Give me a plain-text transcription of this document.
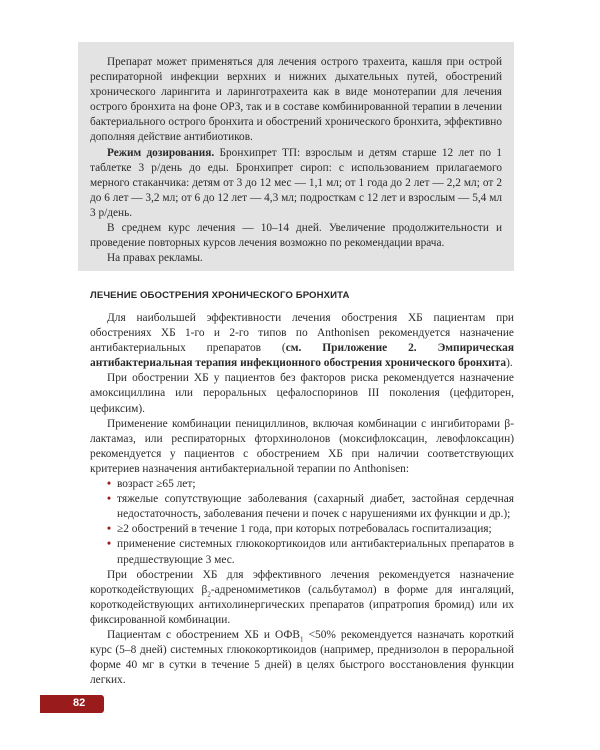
Препарат может применяться для лечения острого трахеита, кашля при острой респираторной инфекции верхних и нижних дыхательных путей, обострений хронического ларингита и ларинготрахеита как в виде монотерапии для лечения острого бронхита на фоне ОРЗ, так и в составе комбинированной терапии в лечении бактериального острого бронхита и обострений хронического бронхита, эффективно дополняя действие антибиотиков.

Режим дозирования. Бронхипрет ТП: взрослым и детям старше 12 лет по 1 таблетке 3 р/день до еды. Бронхипрет сироп: с использованием прилагаемого мерного стаканчика: детям от 3 до 12 мес — 1,1 мл; от 1 года до 2 лет — 2,2 мл; от 2 до 6 лет — 3,2 мл; от 6 до 12 лет — 4,3 мл; подросткам с 12 лет и взрослым — 5,4 мл 3 р/день.

В среднем курс лечения — 10–14 дней. Увеличение продолжительности и проведение повторных курсов лечения возможно по рекомендации врача.

На правах рекламы.

ЛЕЧЕНИЕ ОБОСТРЕНИЯ ХРОНИЧЕСКОГО БРОНХИТА

Для наибольшей эффективности лечения обострения ХБ пациентам при обострениях ХБ 1-го и 2-го типов по Anthonisen рекомендуется назначение антибактериальных препаратов (см. Приложение 2. Эмпирическая антибактериальная терапия инфекционного обострения хронического бронхита).

При обострении ХБ у пациентов без факторов риска рекомендуется назначение амоксициллина или пероральных цефалоспоринов III поколения (цефдиторен, цефиксим).

Применение комбинации пенициллинов, включая комбинации с ингибиторами β-лактамаз, или респираторных фторхинолонов (моксифлоксацин, левофлоксацин) рекомендуется у пациентов с обострением ХБ при наличии соответствующих критериев назначения антибактериальной терапии по Anthonisen:

• возраст ≥65 лет;
• тяжелые сопутствующие заболевания (сахарный диабет, застойная сердечная недостаточность, заболевания печени и почек с нарушениями их функции и др.);
• ≥2 обострений в течение 1 года, при которых потребовалась госпитализация;
• применение системных глюкокортикоидов или антибактериальных препаратов в предшествующие 3 мес.

При обострении ХБ для эффективного лечения рекомендуется назначение короткодействующих $\beta_2$-адреномиметиков (сальбутамол) в форме для ингаляций, короткодействующих антихолинергических препаратов (ипратропия бромид) или их фиксированной комбинации.

Пациентам с обострением ХБ и $ОФВ_1 <50\%$ рекомендуется назначать короткий курс (5–8 дней) системных глюкокортикоидов (например, преднизолон в пероральной форме 40 мг в сутки в течение 5 дней) в целях быстрого восстановления функции легких.

82
